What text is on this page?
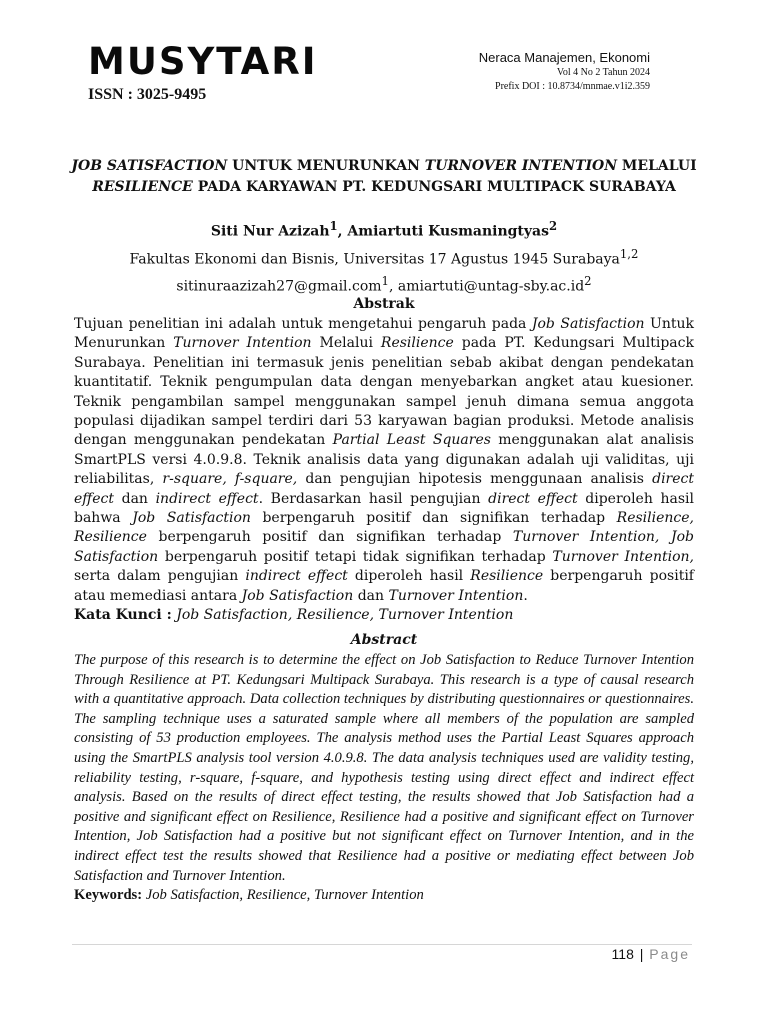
MUSYTARI
ISSN : 3025-9495
Neraca Manajemen, Ekonomi
Vol 4 No 2 Tahun 2024
Prefix DOI : 10.8734/mnmae.v1i2.359
JOB SATISFACTION UNTUK MENURUNKAN TURNOVER INTENTION MELALUI
RESILIENCE PADA KARYAWAN PT. KEDUNGSARI MULTIPACK SURABAYA
Siti Nur Azizah$^1$, Amiartuti Kusmaningtyas$^2$
Fakultas Ekonomi dan Bisnis, Universitas 17 Agustus 1945 Surabaya$^{1,2}$
sitinuraazizah27@gmail.com$^1$, $amiartuti@untag-sby.ac.id^2$
Abstrak
Tujuan penelitian ini adalah untuk mengetahui pengaruh pada Job Satisfaction Untuk Menurunkan Turnover Intention Melalui Resilience pada PT. Kedungsari Multipack Surabaya. Penelitian ini termasuk jenis penelitian sebab akibat dengan pendekatan kuantitatif. Teknik pengumpulan data dengan menyebarkan angket atau kuesioner. Teknik pengambilan sampel menggunakan sampel jenuh dimana semua anggota populasi dijadikan sampel terdiri dari 53 karyawan bagian produksi. Metode analisis dengan menggunakan pendekatan Partial Least Squares menggunakan alat analisis SmartPLS versi 4.0.9.8. Teknik analisis data yang digunakan adalah uji validitas, uji reliabilitas, r-square, f-square, dan pengujian hipotesis menggunaan analisis direct effect dan indirect effect. Berdasarkan hasil pengujian direct effect diperoleh hasil bahwa Job Satisfaction berpengaruh positif dan signifikan terhadap Resilience, Resilience berpengaruh positif dan signifikan terhadap Turnover Intention, Job Satisfaction berpengaruh positif tetapi tidak signifikan terhadap Turnover Intention, serta dalam pengujian indirect effect diperoleh hasil Resilience berpengaruh positif atau memediasi antara Job Satisfaction dan Turnover Intention.
Kata Kunci : Job Satisfaction, Resilience, Turnover Intention
Abstract
The purpose of this research is to determine the effect on Job Satisfaction to Reduce Turnover Intention Through Resilience at PT. Kedungsari Multipack Surabaya. This research is a type of causal research with a quantitative approach. Data collection techniques by distributing questionnaires or questionnaires. The sampling technique uses a saturated sample where all members of the population are sampled consisting of 53 production employees. The analysis method uses the Partial Least Squares approach using the SmartPLS analysis tool version 4.0.9.8. The data analysis techniques used are validity testing, reliability testing, r-square, f-square, and hypothesis testing using direct effect and indirect effect analysis. Based on the results of direct effect testing, the results showed that Job Satisfaction had a positive and significant effect on Resilience, Resilience had a positive and significant effect on Turnover Intention, Job Satisfaction had a positive but not significant effect on Turnover Intention, and in the indirect effect test the results showed that Resilience had a positive or mediating effect between Job Satisfaction and Turnover Intention.
Keywords: Job Satisfaction, Resilience, Turnover Intention
118 | Page
